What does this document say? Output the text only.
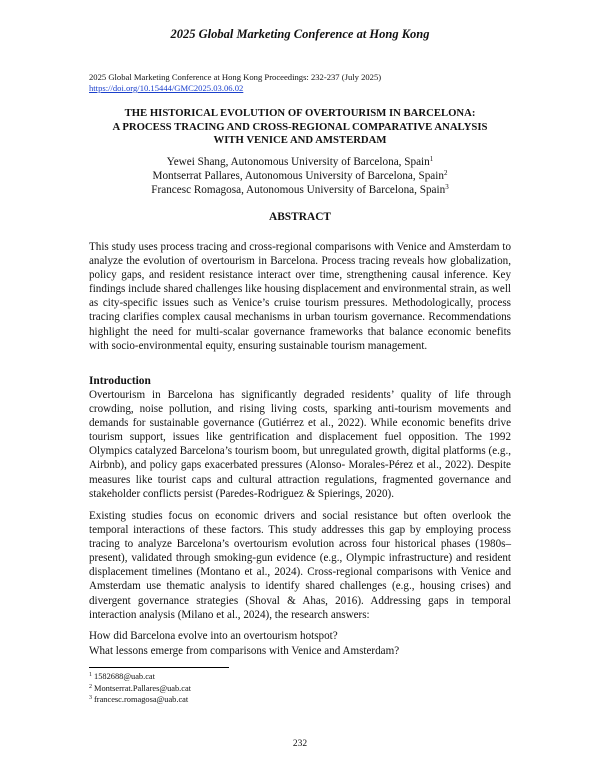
2025 Global Marketing Conference at Hong Kong
2025 Global Marketing Conference at Hong Kong Proceedings: 232-237 (July 2025)
https://doi.org/10.15444/GMC2025.03.06.02
THE HISTORICAL EVOLUTION OF OVERTOURISM IN BARCELONA:
A PROCESS TRACING AND CROSS-REGIONAL COMPARATIVE ANALYSIS
WITH VENICE AND AMSTERDAM
Yewei Shang, Autonomous University of Barcelona, Spain$^1$
Montserrat Pallares, Autonomous University of Barcelona, Spain$^2$
Francesc Romagosa, Autonomous University of Barcelona, Spain$^3$
ABSTRACT

This study uses process tracing and cross-regional comparisons with Venice and Amsterdam to analyze the evolution of overtourism in Barcelona. Process tracing reveals how globalization, policy gaps, and resident resistance interact over time, strengthening causal inference. Key findings include shared challenges like housing displacement and environmental strain, as well as city-specific issues such as Venice’s cruise tourism pressures. Methodologically, process tracing clarifies complex causal mechanisms in urban tourism governance. Recommendations highlight the need for multi-scalar governance frameworks that balance economic benefits with socio-environmental equity, ensuring sustainable tourism management.

Introduction

Overtourism in Barcelona has significantly degraded residents’ quality of life through crowding, noise pollution, and rising living costs, sparking anti-tourism movements and demands for sustainable governance (Gutiérrez et al., 2022). While economic benefits drive tourism support, issues like gentrification and displacement fuel opposition. The 1992 Olympics catalyzed Barcelona’s tourism boom, but unregulated growth, digital platforms (e.g., Airbnb), and policy gaps exacerbated pressures (Alonso- Morales-Pérez et al., 2022). Despite measures like tourist caps and cultural attraction regulations, fragmented governance and stakeholder conflicts persist (Paredes-Rodriguez & Spierings, 2020).

Existing studies focus on economic drivers and social resistance but often overlook the temporal interactions of these factors. This study addresses this gap by employing process tracing to analyze Barcelona’s overtourism evolution across four historical phases (1980s–present), validated through smoking-gun evidence (e.g., Olympic infrastructure) and resident displacement timelines (Montano et al., 2024). Cross-regional comparisons with Venice and Amsterdam use thematic analysis to identify shared challenges (e.g., housing crises) and divergent governance strategies (Shoval & Ahas, 2016). Addressing gaps in temporal interaction analysis (Milano et al., 2024), the research answers:

How did Barcelona evolve into an overtourism hotspot?
What lessons emerge from comparisons with Venice and Amsterdam?
$^1$ 1582688@uab.cat
$^2$ Montserrat.Pallares@uab.cat
$^3$ francesc.romagosa@uab.cat
232
